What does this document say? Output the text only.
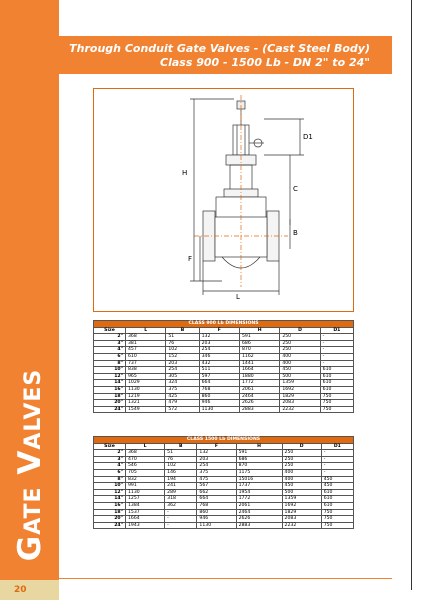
Gate Valves
20
Through Conduit Gate Valves - (Cast Steel Body)
Class 900 - 1500 Lb - DN 2" to 24"
H
C
D1
F
B
L
CLASS 900 Lb DIMENSIONS						
Size	L	B	F	H	D	D1
2"	368	51	132	591	250	-
3"	381	76	203	686	250	-
4"	457	102	254	870	250	-
6"	610	152	346	1162	400	-
8"	737	203	432	1441	400	-
10"	838	254	511	1664	450	610
12"	965	305	597	1880	500	610
14"	1029	324	664	1772	1359	610
16"	1130	375	768	2061	1692	610
18"	1219	425	860	2464	1829	750
20"	1321	479	946	2626	2083	750
24"	1549	572	1130	2883	2232	750
CLASS 1500 Lb DIMENSIONS						
Size	L	B	F	H	D	D1
2"	368	51	132	591	250	-
3"	470	76	203	686	250	-
4"	546	102	254	870	250	-
6"	705	146	375	1175	400	-
8"	832	194	475	15016	400	450
10"	991	241	567	1737	450	450
12"	1130	289	662	1954	500	610
14"	1257	318	664	1772	1359	610
16"	1384	362	768	2061	1692	610
18"	1537	-	860	2464	1829	750
20"	1664	-	946	2626	2083	750
24"	1943	-	1130	2883	2232	750
